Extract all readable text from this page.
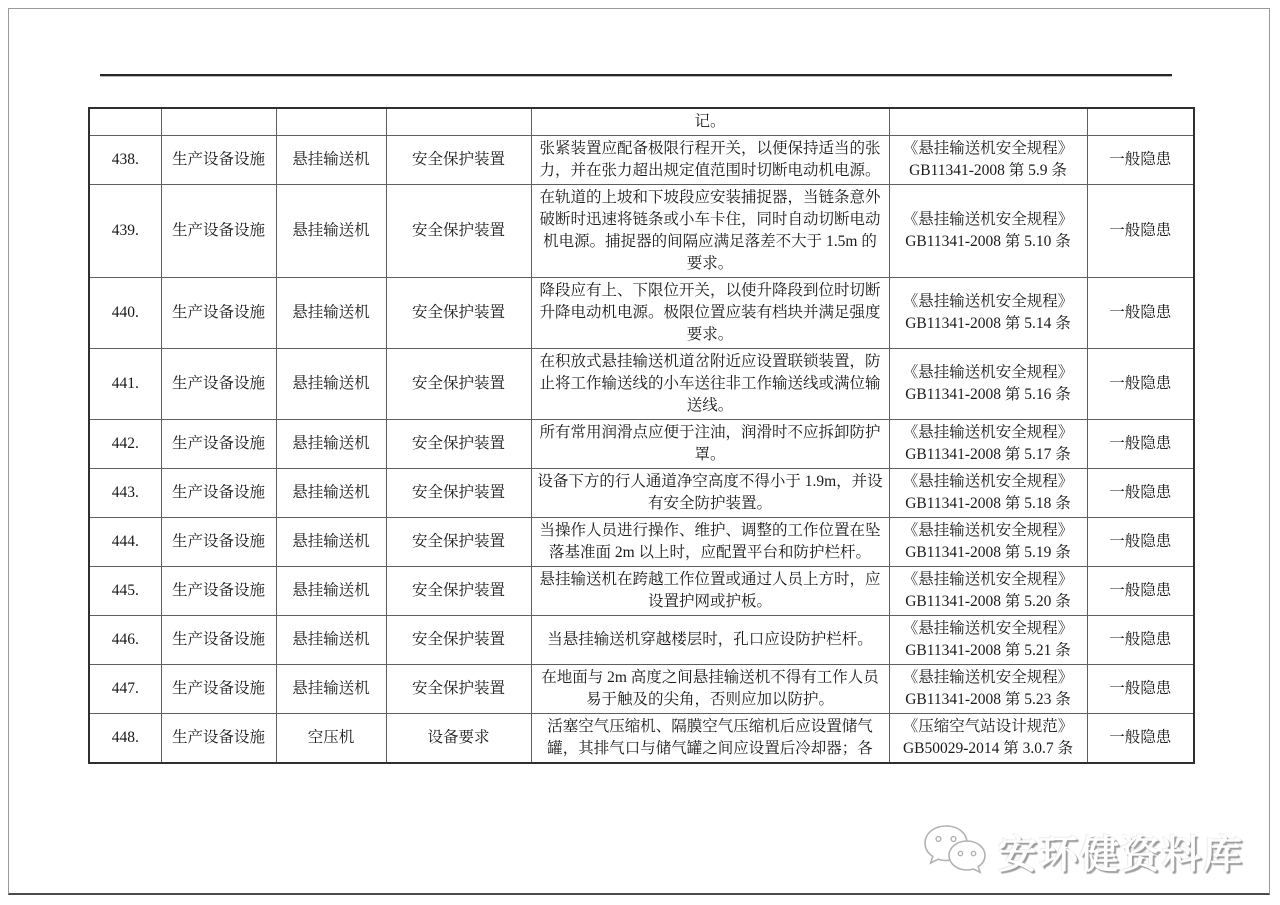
				记。	

438.	生产设备设施	悬挂输送机	安全保护装置	张紧装置应配备极限行程开关，以便保持适当的张力，并在张力超出规定值范围时切断电动机电源。	《悬挂输送机安全规程》
GB11341-2008 第 5.9 条	一般隐患
439.	生产设备设施	悬挂输送机	安全保护装置	在轨道的上坡和下坡段应安装捕捉器，当链条意外破断时迅速将链条或小车卡住，同时自动切断电动机电源。捕捉器的间隔应满足落差不大于 1.5m 的要求。	《悬挂输送机安全规程》
GB11341-2008 第 5.10 条	一般隐患
440.	生产设备设施	悬挂输送机	安全保护装置	降段应有上、下限位开关，以使升降段到位时切断升降电动机电源。极限位置应装有档块并满足强度要求。	《悬挂输送机安全规程》
GB11341-2008 第 5.14 条	一般隐患
441.	生产设备设施	悬挂输送机	安全保护装置	在积放式悬挂输送机道岔附近应设置联锁装置，防止将工作输送线的小车送往非工作输送线或满位输送线。	《悬挂输送机安全规程》
GB11341-2008 第 5.16 条	一般隐患
442.	生产设备设施	悬挂输送机	安全保护装置	所有常用润滑点应便于注油，润滑时不应拆卸防护罩。	《悬挂输送机安全规程》
GB11341-2008 第 5.17 条	一般隐患
443.	生产设备设施	悬挂输送机	安全保护装置	设备下方的行人通道净空高度不得小于 1.9m，并设有安全防护装置。	《悬挂输送机安全规程》
GB11341-2008 第 5.18 条	一般隐患
444.	生产设备设施	悬挂输送机	安全保护装置	当操作人员进行操作、维护、调整的工作位置在坠落基准面 2m 以上时，应配置平台和防护栏杆。	《悬挂输送机安全规程》
GB11341-2008 第 5.19 条	一般隐患
445.	生产设备设施	悬挂输送机	安全保护装置	悬挂输送机在跨越工作位置或通过人员上方时，应设置护网或护板。	《悬挂输送机安全规程》
GB11341-2008 第 5.20 条	一般隐患
446.	生产设备设施	悬挂输送机	安全保护装置	当悬挂输送机穿越楼层时，孔口应设防护栏杆。	《悬挂输送机安全规程》
GB11341-2008 第 5.21 条	一般隐患
447.	生产设备设施	悬挂输送机	安全保护装置	在地面与 2m 高度之间悬挂输送机不得有工作人员易于触及的尖角，否则应加以防护。	《悬挂输送机安全规程》
GB11341-2008 第 5.23 条	一般隐患
448.	生产设备设施	空压机	设备要求	活塞空气压缩机、隔膜空气压缩机后应设置储气罐，其排气口与储气罐之间应设置后冷却器；各	《压缩空气站设计规范》
GB50029-2014 第 3.0.7 条	一般隐患
安环健资料库
